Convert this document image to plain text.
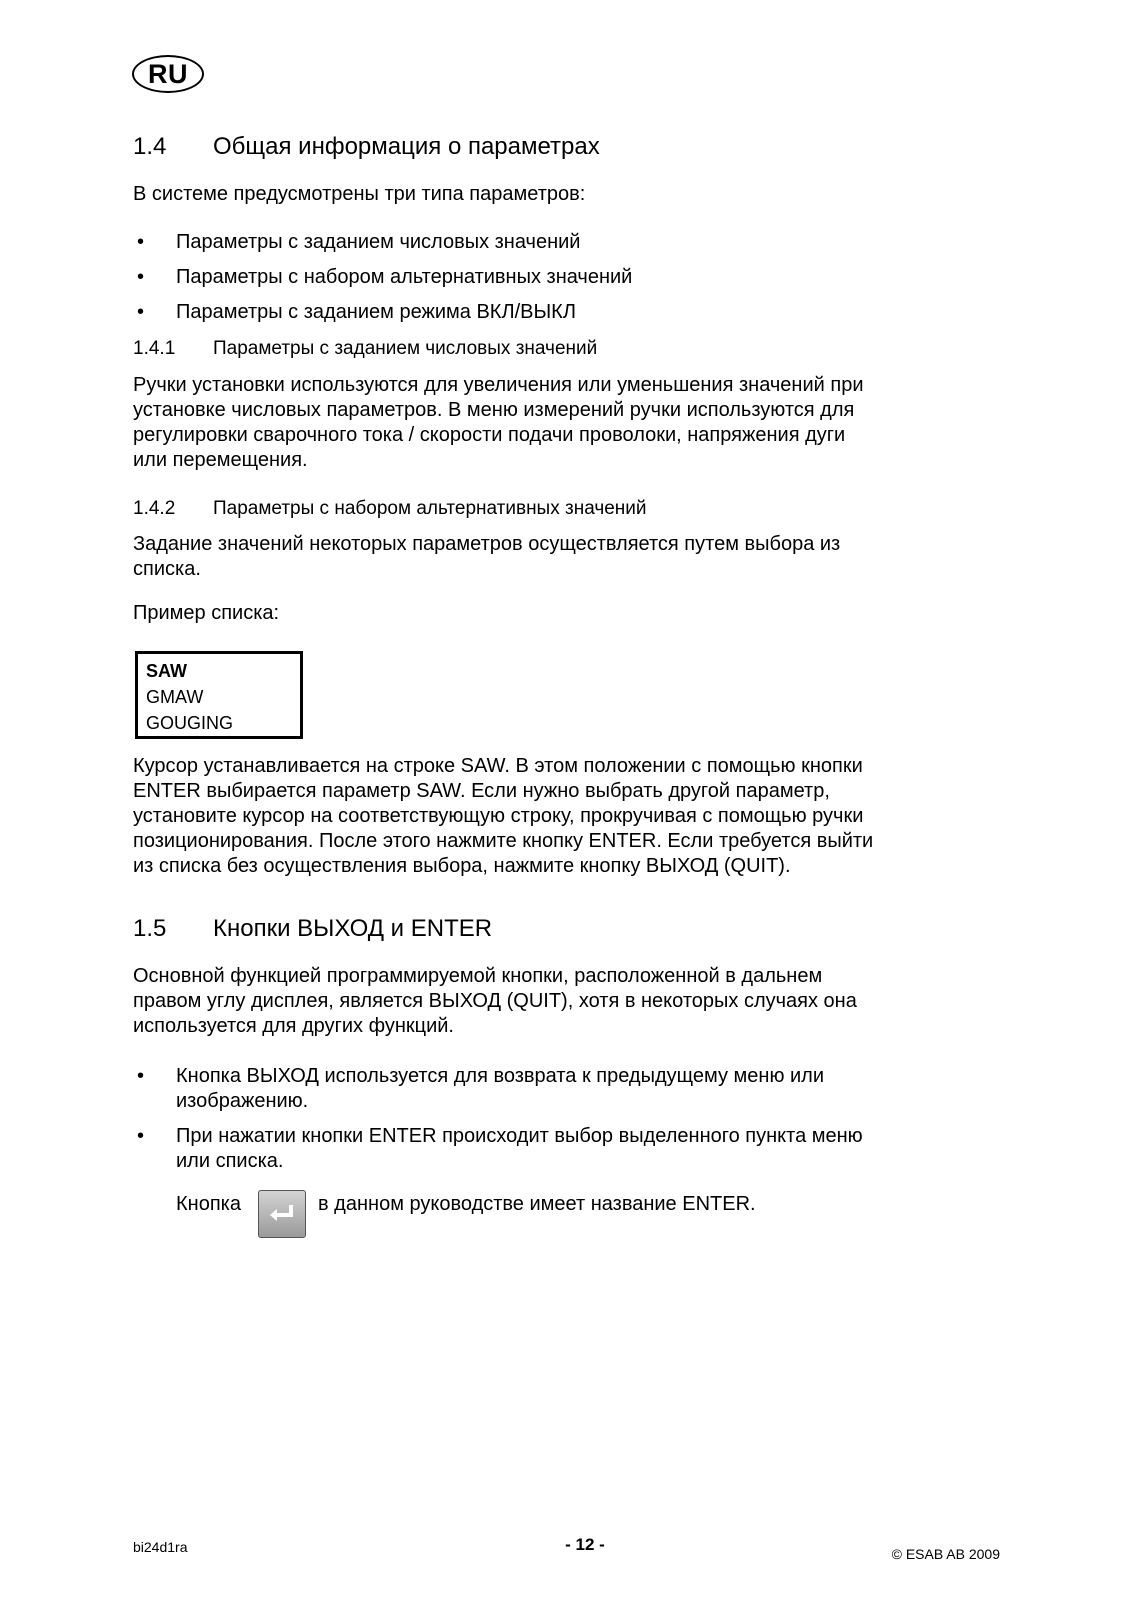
RU
1.4 Общая информация о параметрах
В системе предусмотрены три типа параметров:
• Параметры с заданием числовых значений
• Параметры с набором альтернативных значений
• Параметры с заданием режима ВКЛ/ВЫКЛ
1.4.1 Параметры с заданием числовых значений
Ручки установки используются для увеличения или уменьшения значений при
установке числовых параметров. В меню измерений ручки используются для
регулировки сварочного тока / скорости подачи проволоки, напряжения дуги
или перемещения.
1.4.2 Параметры с набором альтернативных значений
Задание значений некоторых параметров осуществляется путем выбора из
списка.
Пример списка:
SAW
GMAW
GOUGING
Курсор устанавливается на строке SAW. В этом положении с помощью кнопки
ENTER выбирается параметр SAW. Если нужно выбрать другой параметр,
установите курсор на соответствующую строку, прокручивая с помощью ручки
позиционирования. После этого нажмите кнопку ENTER. Если требуется выйти
из списка без осуществления выбора, нажмите кнопку ВЫХОД (QUIT).
1.5 Кнопки ВЫХОД и ENTER
Основной функцией программируемой кнопки, расположенной в дальнем
правом углу дисплея, является ВЫХОД (QUIT), хотя в некоторых случаях она
используется для других функций.
• Кнопка ВЫХОД используется для возврата к предыдущему меню или
изображению.
• При нажатии кнопки ENTER происходит выбор выделенного пункта меню
или списка.
Кнопка	в данном руководстве имеет название ENTER.
bi24d1ra	- 12 -	© ESAB AB 2009
